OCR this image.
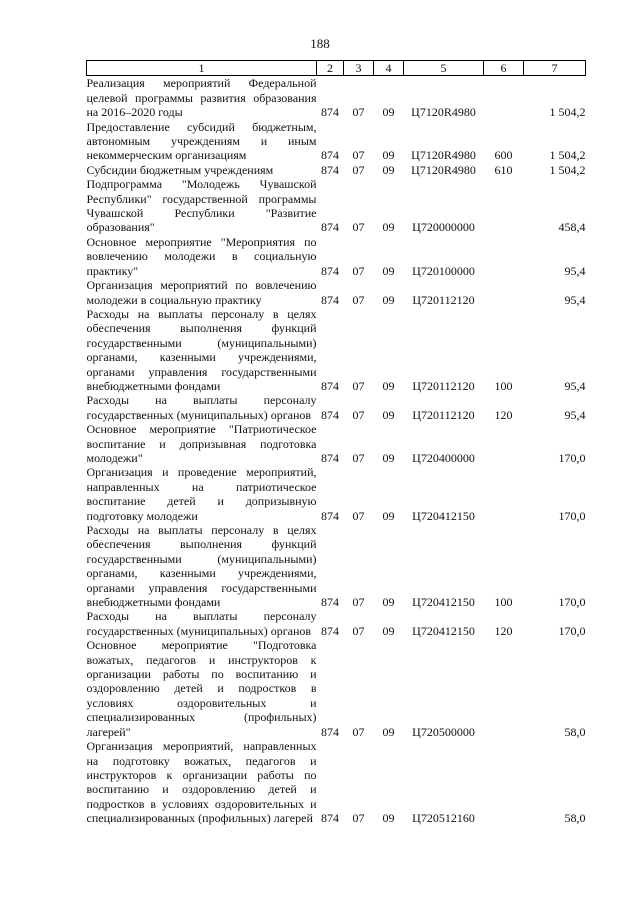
188
1	2	3	4	5	6	7
Реализация мероприятий Федеральной целевой программы развития образования на 2016–2020 годы	874	07	09	Ц7120R4980		1 504,2
Предоставление субсидий бюджетным, автономным учреждениям и иным некоммерческим организациям	874	07	09	Ц7120R4980	600	1 504,2
Субсидии бюджетным учреждениям	874	07	09	Ц7120R4980	610	1 504,2
Подпрограмма "Молодежь Чувашской Республики" государственной программы Чувашской Республики "Развитие образования"	874	07	09	Ц720000000		458,4
Основное мероприятие "Мероприятия по вовлечению молодежи в социальную практику"	874	07	09	Ц720100000		95,4
Организация мероприятий по вовлечению молодежи в социальную практику	874	07	09	Ц720112120		95,4
Расходы на выплаты персоналу в целях обеспечения выполнения функций государственными (муниципальными) органами, казенными учреждениями, органами управления государственными внебюджетными фондами	874	07	09	Ц720112120	100	95,4
Расходы на выплаты персоналу государственных (муниципальных) органов	874	07	09	Ц720112120	120	95,4
Основное мероприятие "Патриотическое воспитание и допризывная подготовка молодежи"	874	07	09	Ц720400000		170,0
Организация и проведение мероприятий, направленных на патриотическое воспитание детей и допризывную подготовку молодежи	874	07	09	Ц720412150		170,0
Расходы на выплаты персоналу в целях обеспечения выполнения функций государственными (муниципальными) органами, казенными учреждениями, органами управления государственными внебюджетными фондами	874	07	09	Ц720412150	100	170,0
Расходы на выплаты персоналу государственных (муниципальных) органов	874	07	09	Ц720412150	120	170,0
Основное мероприятие "Подготовка вожатых, педагогов и инструкторов к организации работы по воспитанию и оздоровлению детей и подростков в условиях оздоровительных и специализированных (профильных) лагерей"	874	07	09	Ц720500000		58,0
Организация мероприятий, направленных на подготовку вожатых, педагогов и инструкторов к организации работы по воспитанию и оздоровлению детей и подростков в условиях оздоровительных и специализированных (профильных) лагерей	874	07	09	Ц720512160		58,0
